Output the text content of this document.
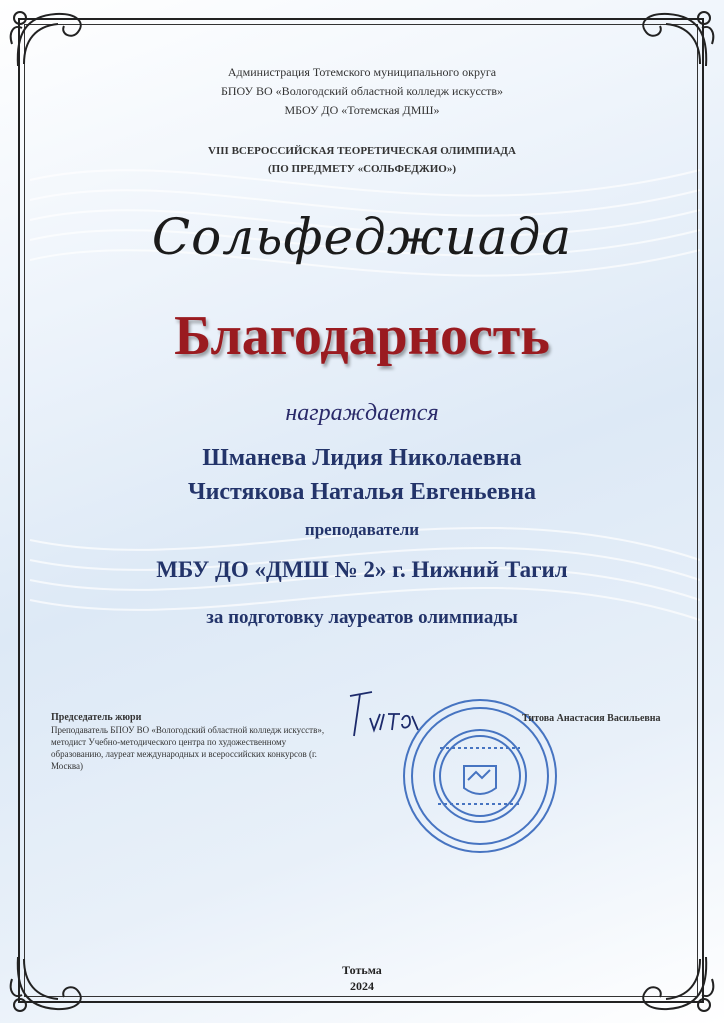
Администрация Тотемского муниципального округа
БПОУ ВО «Вологодский областной колледж искусств»
МБОУ ДО «Тотемская ДМШ»
VIII ВСЕРОССИЙСКАЯ ТЕОРЕТИЧЕСКАЯ ОЛИМПИАДА
(ПО ПРЕДМЕТУ «СОЛЬФЕДЖИО»)
Сольфеджиада
Благодарность
награждается
Шманева Лидия Николаевна
Чистякова Наталья Евгеньевна
преподаватели
МБУ ДО «ДМШ № 2» г. Нижний Тагил
за подготовку лауреатов олимпиады
Председатель жюри
Преподаватель БПОУ ВО «Вологодский областной колледж искусств», методист Учебно-методического центра по художественному образованию, лауреат международных и всероссийских конкурсов (г. Москва)
Титова Анастасия Васильевна
Тотьма
2024
